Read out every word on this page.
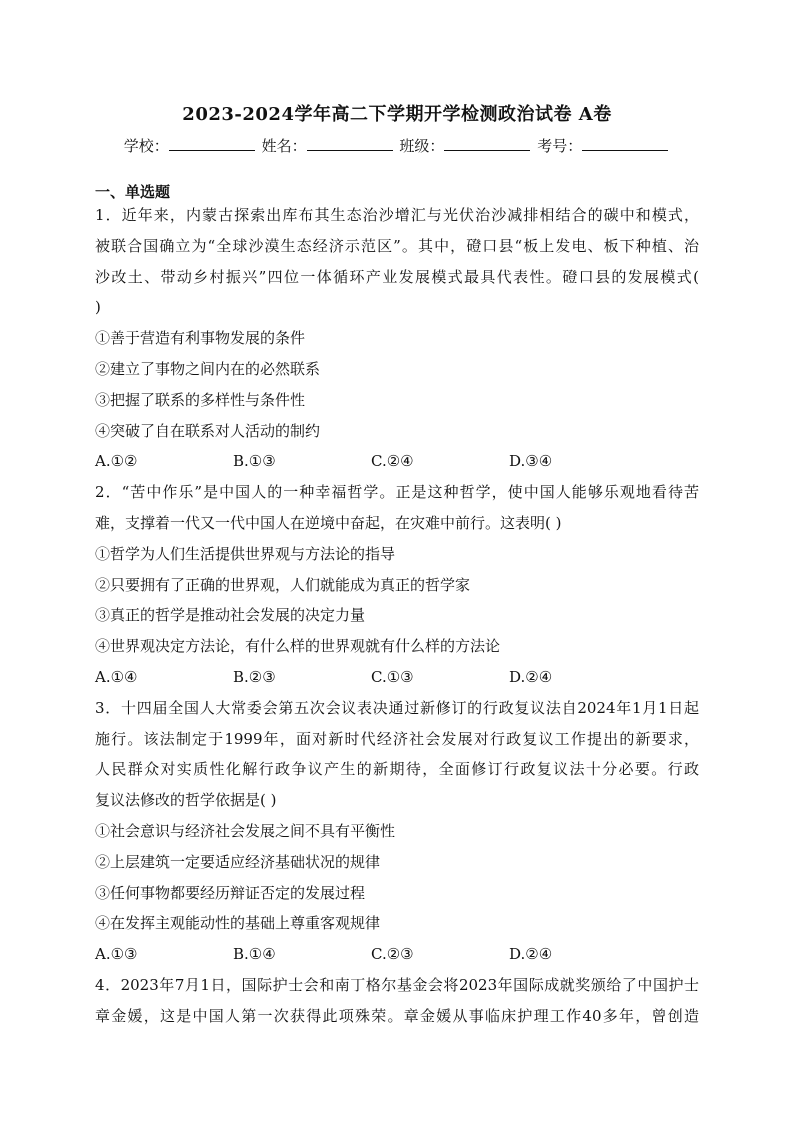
2023-2024学年高二下学期开学检测政治试卷 A卷
学校：	姓名：	班级：	考号：
一、单选题
1．近年来，内蒙古探索出库布其生态治沙增汇与光伏治沙减排相结合的碳中和模式，
被联合国确立为“全球沙漠生态经济示范区”。其中，磴口县“板上发电、板下种植、治
沙改土、带动乡村振兴”四位一体循环产业发展模式最具代表性。磴口县的发展模式(
)
①善于营造有利事物发展的条件
②建立了事物之间内在的必然联系
③把握了联系的多样性与条件性
④突破了自在联系对人活动的制约
A.①②	B.①③	C.②④	D.③④
2．“苦中作乐”是中国人的一种幸福哲学。正是这种哲学，使中国人能够乐观地看待苦
难，支撑着一代又一代中国人在逆境中奋起，在灾难中前行。这表明( )
①哲学为人们生活提供世界观与方法论的指导
②只要拥有了正确的世界观，人们就能成为真正的哲学家
③真正的哲学是推动社会发展的决定力量
④世界观决定方法论，有什么样的世界观就有什么样的方法论
A.①④	B.②③	C.①③	D.②④
3．十四届全国人大常委会第五次会议表决通过新修订的行政复议法自2024年1月1日起
施行。该法制定于1999年，面对新时代经济社会发展对行政复议工作提出的新要求，
人民群众对实质性化解行政争议产生的新期待，全面修订行政复议法十分必要。行政
复议法修改的哲学依据是( )
①社会意识与经济社会发展之间不具有平衡性
②上层建筑一定要适应经济基础状况的规律
③任何事物都要经历辩证否定的发展过程
④在发挥主观能动性的基础上尊重客观规律
A.①③	B.①④	C.②③	D.②④
4．2023年7月1日，国际护士会和南丁格尔基金会将2023年国际成就奖颁给了中国护士
章金媛，这是中国人第一次获得此项殊荣。章金媛从事临床护理工作40多年，曾创造
